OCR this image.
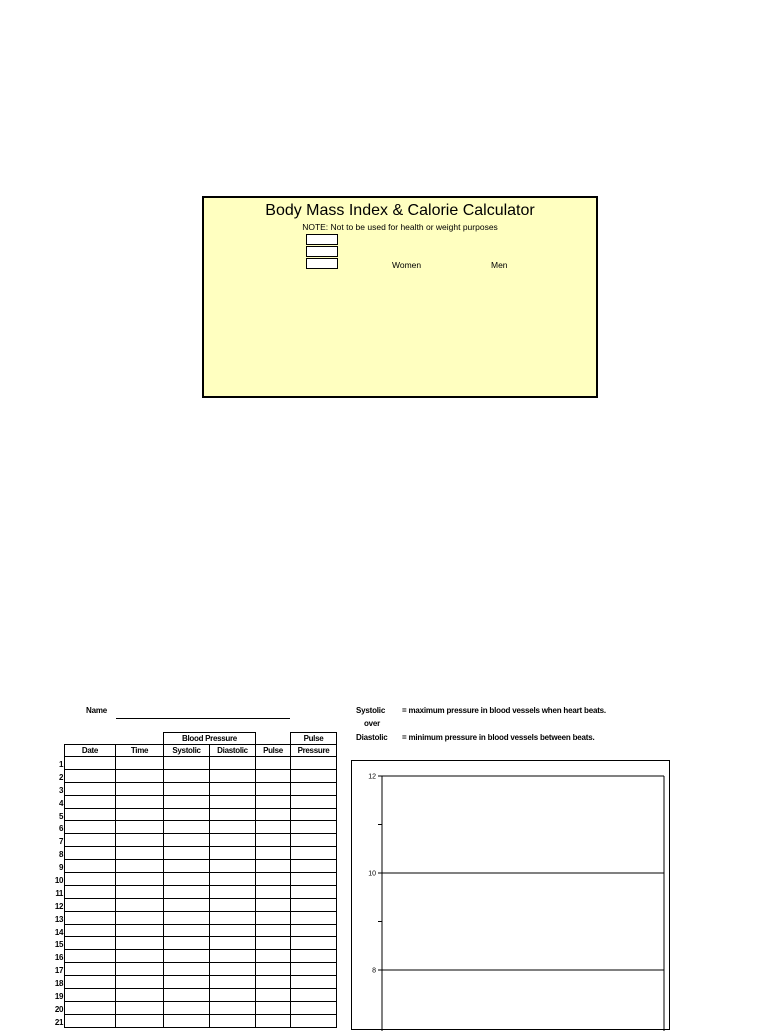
Body Mass Index & Calorie Calculator
NOTE: Not to be used for health or weight purposes
Women	Men
Name	Systolic = maximum pressure in blood vessels when heart beats.
over
Diastolic = minimum pressure in blood vessels between beats.
		Blood Pressure			Pulse
Date	Time	Systolic	Diastolic	Pulse	Pressure

1
2
3
4
5
6
7
8
9
10
11
12
13
14
15
16
17
18
19
20
21
12
10
8
